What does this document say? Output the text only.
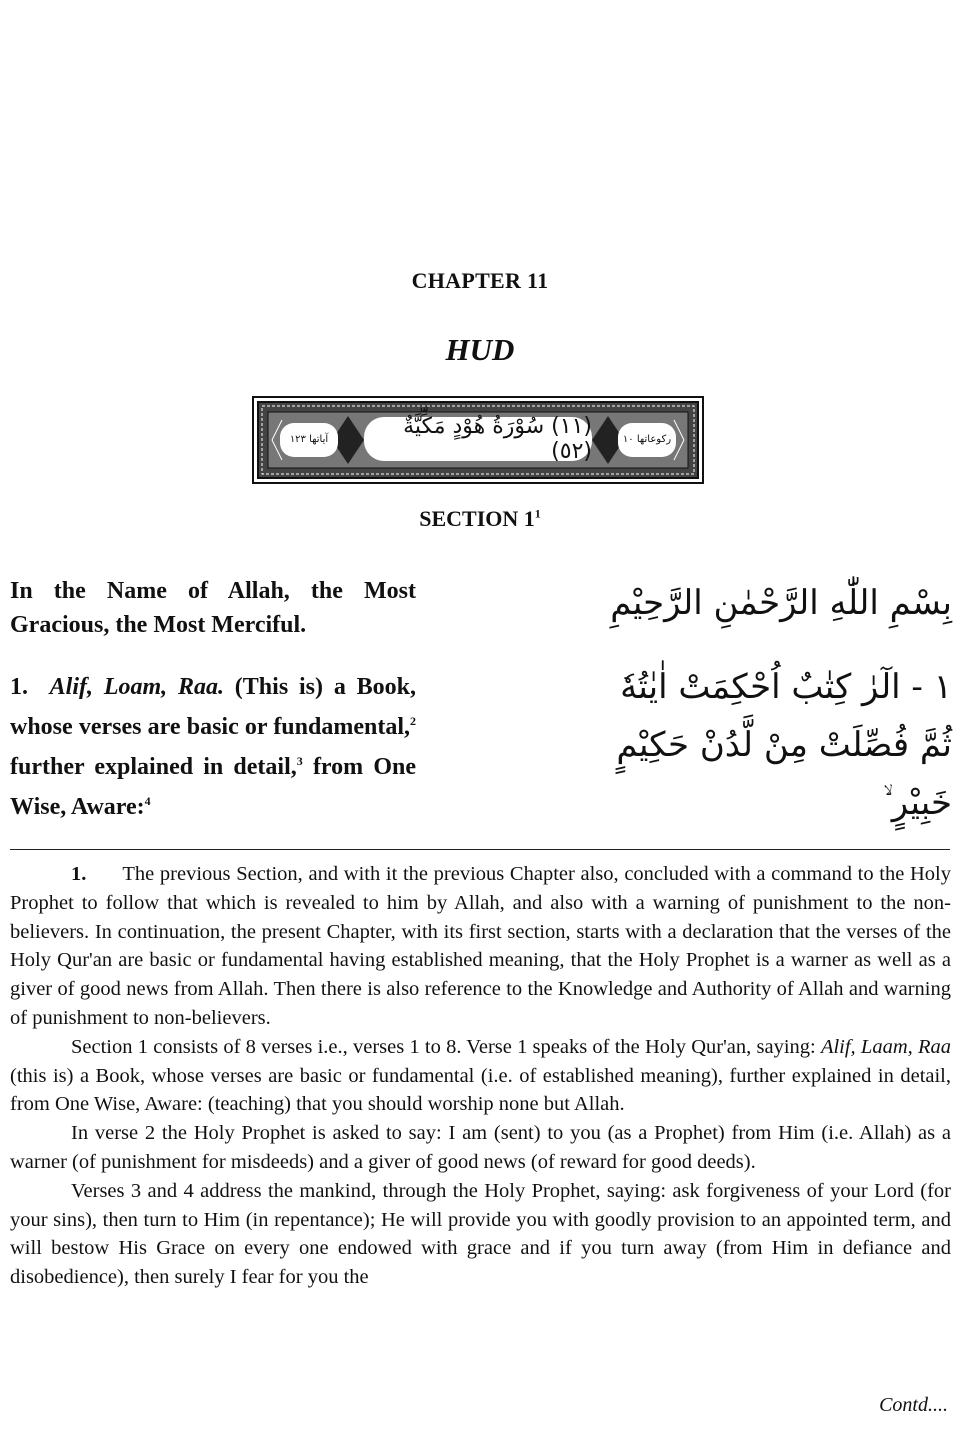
CHAPTER 11
HUD
آياتها ١٢٣
(١١) سُوْرَةُ هُوْدٍ مَكِّيَّةٌ (٥٢)	ركوعاتها ١٠
SECTION $1^1$
In the Name of Allah, the Most Gracious, the Most Merciful.
بِسْمِ اللّٰهِ الرَّحْمٰنِ الرَّحِيْمِ
1. Alif, Loam, Raa. (This is) a Book, whose verses are basic or fundamental,$^2$ further explained in detail,$^3$ from One Wise, Aware:$^4$
١ - الٓرٰ كِتٰبٌ اُحْكِمَتْ اٰيٰتُهٗ ثُمَّ فُصِّلَتْ مِنْ لَّدُنْ حَكِيْمٍ خَبِيْرٍ ۙ

1. The previous Section, and with it the previous Chapter also, concluded with a command to the Holy Prophet to follow that which is revealed to him by Allah, and also with a warning of punishment to the non-believers. In continuation, the present Chapter, with its first section, starts with a declaration that the verses of the Holy Qur'an are basic or fundamental having established meaning, that the Holy Prophet is a warner as well as a giver of good news from Allah. Then there is also reference to the Knowledge and Authority of Allah and warning of punishment to non-believers.

Section 1 consists of 8 verses i.e., verses 1 to 8. Verse 1 speaks of the Holy Qur'an, saying: Alif, Laam, Raa (this is) a Book, whose verses are basic or fundamental (i.e. of established meaning), further explained in detail, from One Wise, Aware: (teaching) that you should worship none but Allah.

In verse 2 the Holy Prophet is asked to say: I am (sent) to you (as a Prophet) from Him (i.e. Allah) as a warner (of punishment for misdeeds) and a giver of good news (of reward for good deeds).

Verses 3 and 4 address the mankind, through the Holy Prophet, saying: ask forgiveness of your Lord (for your sins), then turn to Him (in repentance); He will provide you with goodly provision to an appointed term, and will bestow His Grace on every one endowed with grace and if you turn away (from Him in defiance and disobedience), then surely I fear for you the

Contd....
